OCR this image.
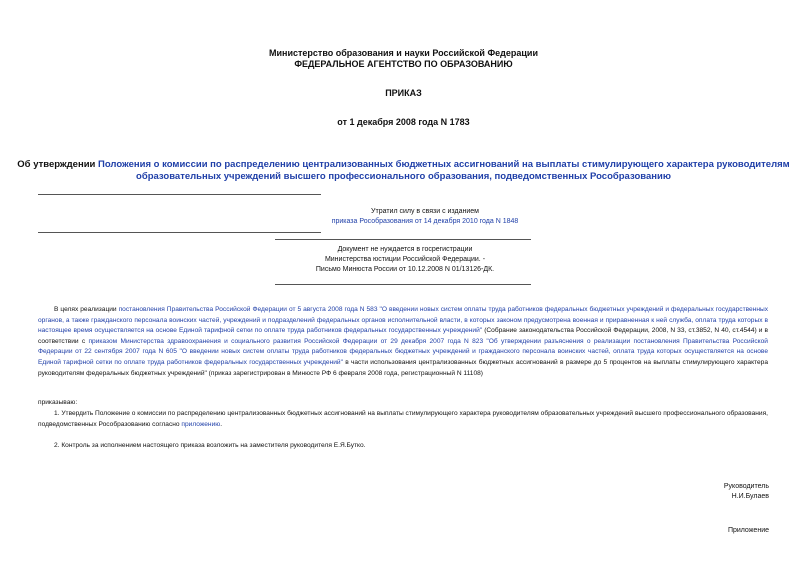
Министерство образования и науки Российской Федерации
ФЕДЕРАЛЬНОЕ АГЕНТСТВО ПО ОБРАЗОВАНИЮ
ПРИКАЗ
от 1 декабря 2008 года N 1783
Об утверждении Положения о комиссии по распределению централизованных бюджетных ассигнований на выплаты стимулирующего характера руководителям
образовательных учреждений высшего профессионального образования, подведомственных Рособразованию
Утратил силу в связи с изданием
приказа Рособразования от 14 декабря 2010 года N 1848
Документ не нуждается в госрегистрации
Министерства юстиции Российской Федерации. -
Письмо Минюста России от 10.12.2008 N 01/13126-ДК.
В целях реализации постановления Правительства Российской Федерации от 5 августа 2008 года N 583 "О введении новых систем оплаты труда работников федеральных бюджетных учреждений и федеральных государственных органов, а также гражданского персонала воинских частей, учреждений и подразделений федеральных органов исполнительной власти, в которых законом предусмотрена военная и приравненная к ней служба, оплата труда которых в настоящее время осуществляется на основе Единой тарифной сетки по оплате труда работников федеральных государственных учреждений" (Собрание законодательства Российской Федерации, 2008, N 33, ст.3852, N 40, ст.4544) и в соответствии с приказом Министерства здравоохранения и социального развития Российской Федерации от 29 декабря 2007 года N 823 "Об утверждении разъяснения о реализации постановления Правительства Российской Федерации от 22 сентября 2007 года N 605 "О введении новых систем оплаты труда работников федеральных бюджетных учреждений и гражданского персонала воинских частей, оплата труда которых осуществляется на основе Единой тарифной сетки по оплате труда работников федеральных государственных учреждений" в части использования централизованных бюджетных ассигнований в размере до 5 процентов на выплаты стимулирующего характера руководителям федеральных бюджетных учреждений" (приказ зарегистрирован в Минюсте РФ 6 февраля 2008 года, регистрационный N 11108)
приказываю:
1. Утвердить Положение о комиссии по распределению централизованных бюджетных ассигнований на выплаты стимулирующего характера руководителям образовательных учреждений высшего профессионального образования, подведомственных Рособразованию согласно приложению.
2. Контроль за исполнением настоящего приказа возложить на заместителя руководителя Е.Я.Бутко.
Руководитель
Н.И.Булаев
Приложение
